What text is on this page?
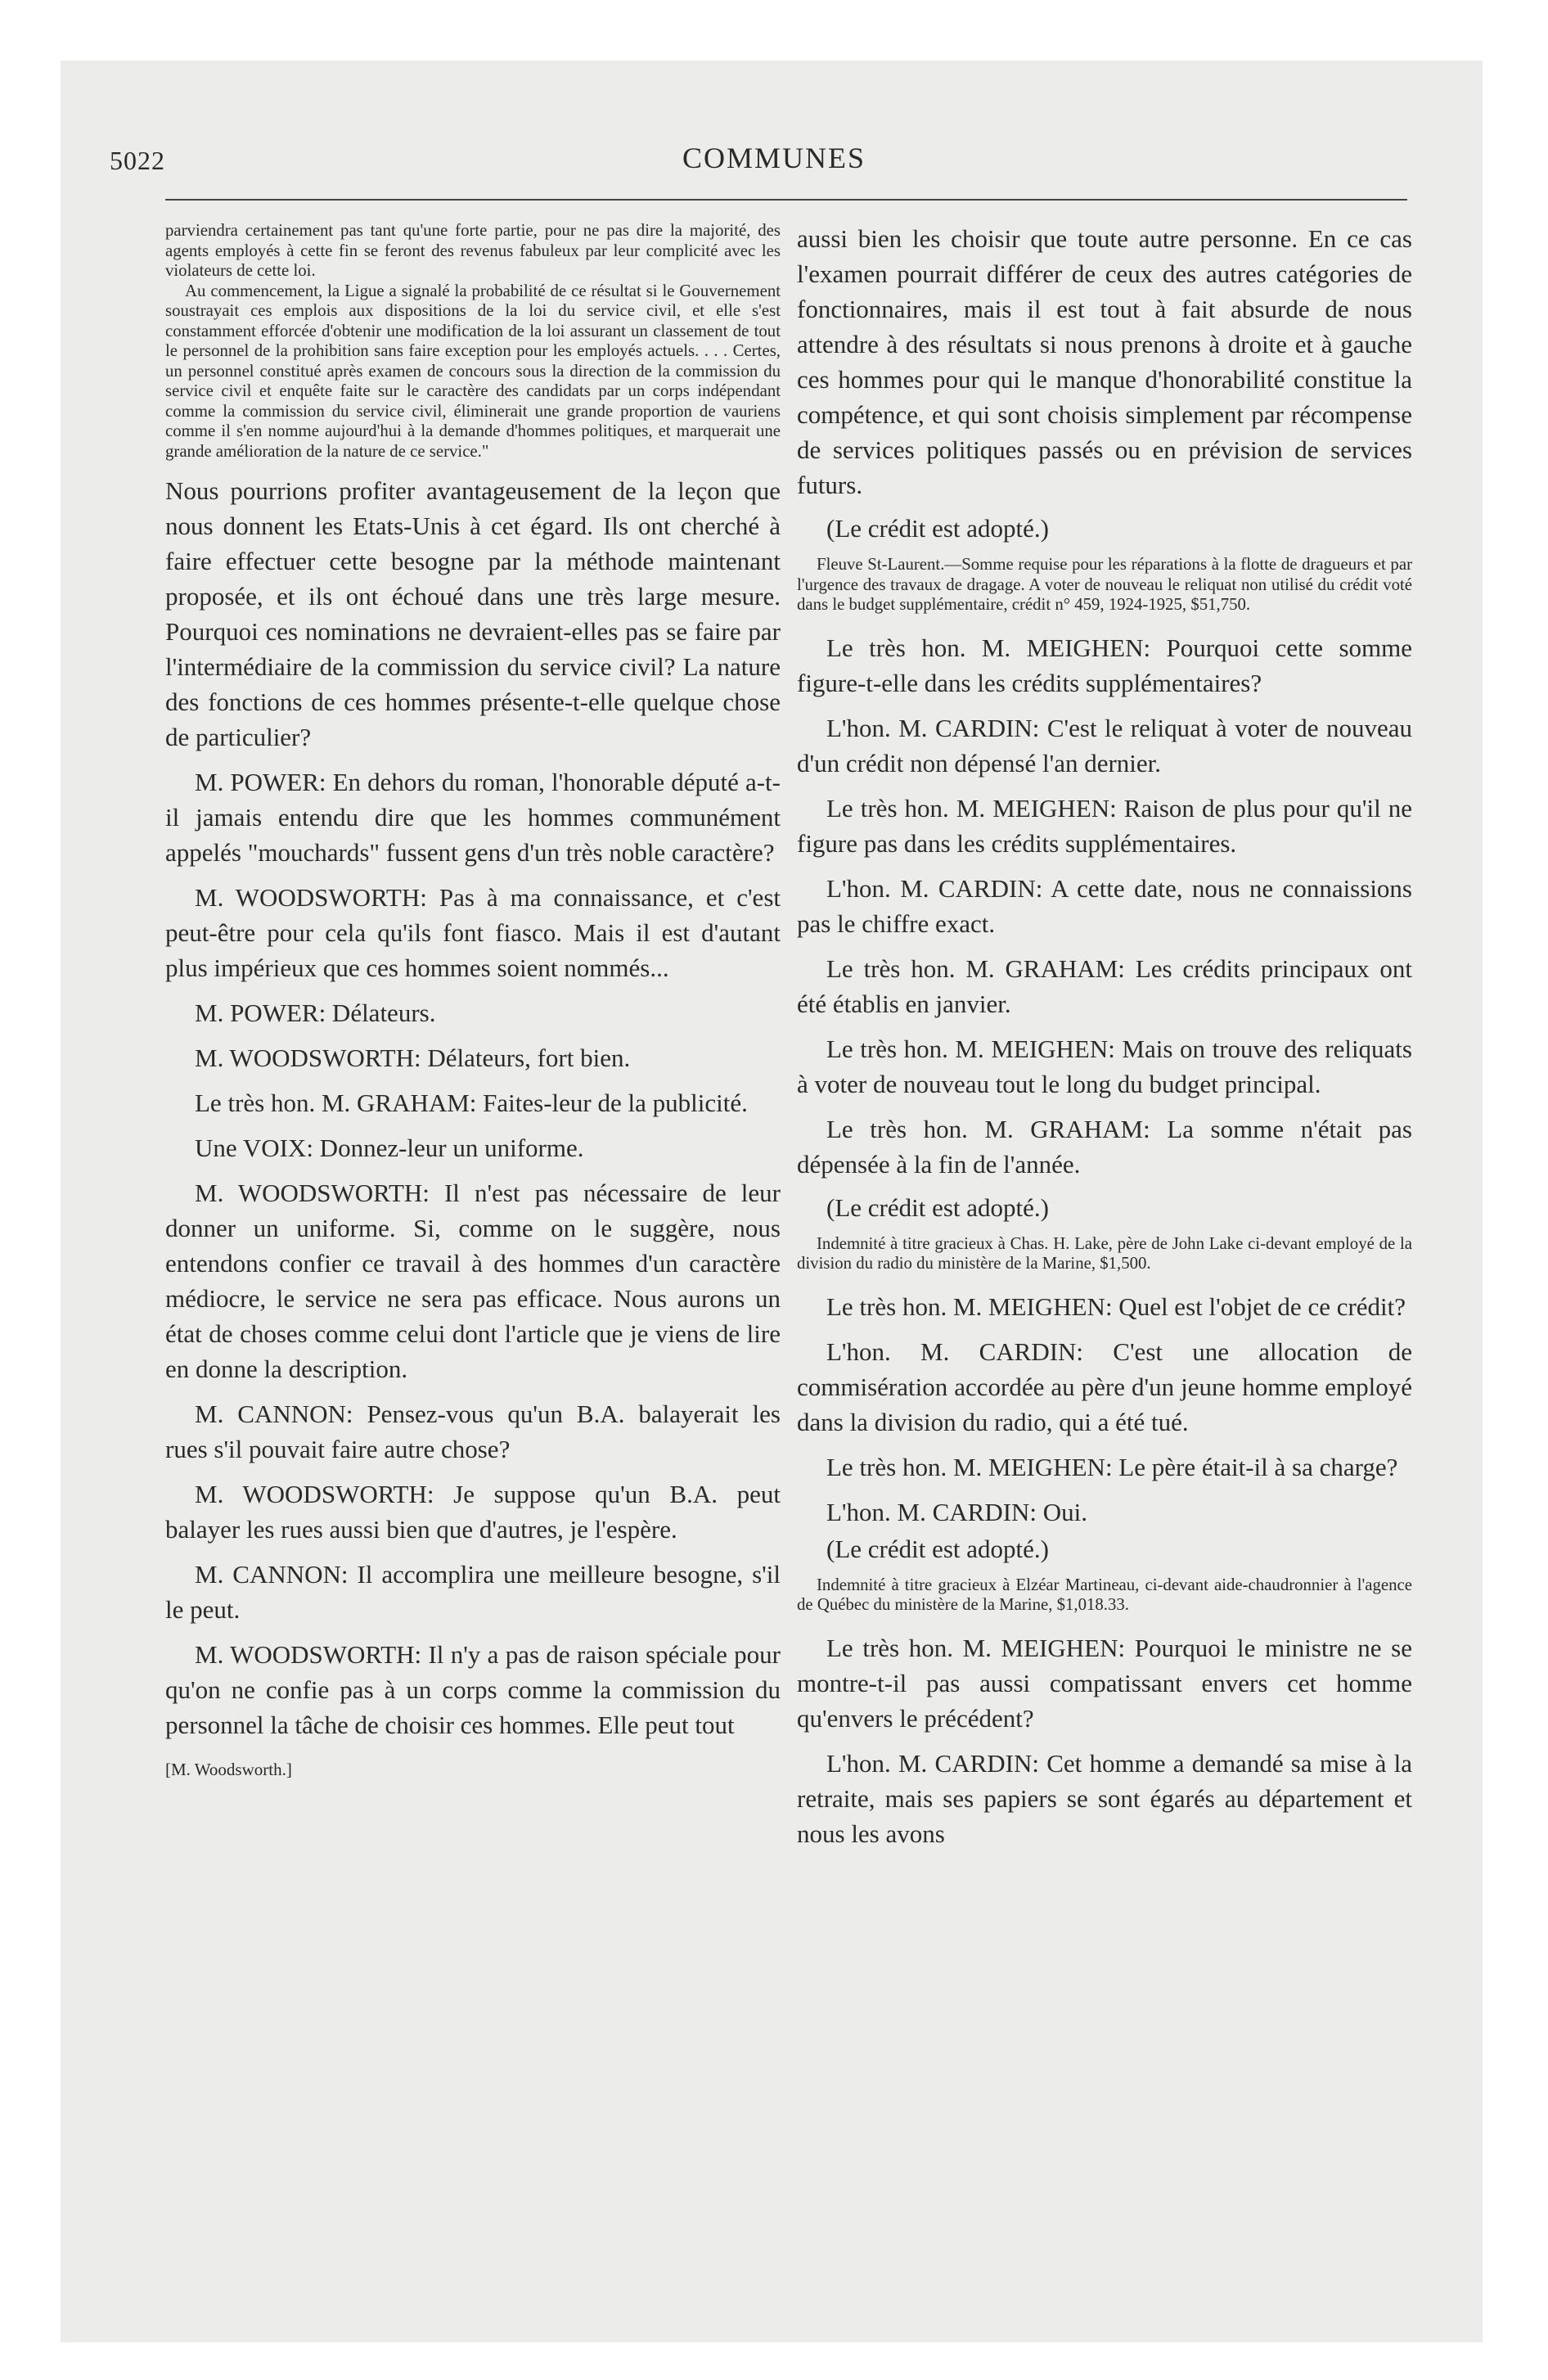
5022	COMMUNES

parviendra certainement pas tant qu'une forte partie, pour ne pas dire la majorité, des agents employés à cette fin se feront des revenus fabuleux par leur complicité avec les violateurs de cette loi.

Au commencement, la Ligue a signalé la probabilité de ce résultat si le Gouvernement soustrayait ces emplois aux dispositions de la loi du service civil, et elle s'est constamment efforcée d'obtenir une modification de la loi assurant un classement de tout le personnel de la prohibition sans faire exception pour les employés actuels. . . . Certes, un personnel constitué après examen de concours sous la direction de la commission du service civil et enquête faite sur le caractère des candidats par un corps indépendant comme la commission du service civil, éliminerait une grande proportion de vauriens comme il s'en nomme aujourd'hui à la demande d'hommes politiques, et marquerait une grande amélioration de la nature de ce service."

Nous pourrions profiter avantageusement de la leçon que nous donnent les Etats-Unis à cet égard. Ils ont cherché à faire effectuer cette besogne par la méthode maintenant proposée, et ils ont échoué dans une très large mesure. Pourquoi ces nominations ne devraient-elles pas se faire par l'intermédiaire de la commission du service civil? La nature des fonctions de ces hommes présente-t-elle quelque chose de particulier?

M. POWER: En dehors du roman, l'honorable député a-t-il jamais entendu dire que les hommes communément appelés "mouchards" fussent gens d'un très noble caractère?

M. WOODSWORTH: Pas à ma connaissance, et c'est peut-être pour cela qu'ils font fiasco. Mais il est d'autant plus impérieux que ces hommes soient nommés...

M. POWER: Délateurs.

M. WOODSWORTH: Délateurs, fort bien.

Le très hon. M. GRAHAM: Faites-leur de la publicité.

Une VOIX: Donnez-leur un uniforme.

M. WOODSWORTH: Il n'est pas nécessaire de leur donner un uniforme. Si, comme on le suggère, nous entendons confier ce travail à des hommes d'un caractère médiocre, le service ne sera pas efficace. Nous aurons un état de choses comme celui dont l'article que je viens de lire en donne la description.

M. CANNON: Pensez-vous qu'un B.A. balayerait les rues s'il pouvait faire autre chose?

M. WOODSWORTH: Je suppose qu'un B.A. peut balayer les rues aussi bien que d'autres, je l'espère.

M. CANNON: Il accomplira une meilleure besogne, s'il le peut.

M. WOODSWORTH: Il n'y a pas de raison spéciale pour qu'on ne confie pas à un corps comme la commission du personnel la tâche de choisir ces hommes. Elle peut tout

[M. Woodsworth.]

aussi bien les choisir que toute autre personne. En ce cas l'examen pourrait différer de ceux des autres catégories de fonctionnaires, mais il est tout à fait absurde de nous attendre à des résultats si nous prenons à droite et à gauche ces hommes pour qui le manque d'honorabilité constitue la compétence, et qui sont choisis simplement par récompense de services politiques passés ou en prévision de services futurs.

(Le crédit est adopté.)

Fleuve St-Laurent.—Somme requise pour les réparations à la flotte de dragueurs et par l'urgence des travaux de dragage. A voter de nouveau le reliquat non utilisé du crédit voté dans le budget supplémentaire, crédit n° 459, 1924-1925, $51,750.

Le très hon. M. MEIGHEN: Pourquoi cette somme figure-t-elle dans les crédits supplémentaires?

L'hon. M. CARDIN: C'est le reliquat à voter de nouveau d'un crédit non dépensé l'an dernier.

Le très hon. M. MEIGHEN: Raison de plus pour qu'il ne figure pas dans les crédits supplémentaires.

L'hon. M. CARDIN: A cette date, nous ne connaissions pas le chiffre exact.

Le très hon. M. GRAHAM: Les crédits principaux ont été établis en janvier.

Le très hon. M. MEIGHEN: Mais on trouve des reliquats à voter de nouveau tout le long du budget principal.

Le très hon. M. GRAHAM: La somme n'était pas dépensée à la fin de l'année.

(Le crédit est adopté.)

Indemnité à titre gracieux à Chas. H. Lake, père de John Lake ci-devant employé de la division du radio du ministère de la Marine, $1,500.

Le très hon. M. MEIGHEN: Quel est l'objet de ce crédit?

L'hon. M. CARDIN: C'est une allocation de commisération accordée au père d'un jeune homme employé dans la division du radio, qui a été tué.

Le très hon. M. MEIGHEN: Le père était-il à sa charge?

L'hon. M. CARDIN: Oui.

(Le crédit est adopté.)

Indemnité à titre gracieux à Elzéar Martineau, ci-devant aide-chaudronnier à l'agence de Québec du ministère de la Marine, $1,018.33.

Le très hon. M. MEIGHEN: Pourquoi le ministre ne se montre-t-il pas aussi compatissant envers cet homme qu'envers le précédent?

L'hon. M. CARDIN: Cet homme a demandé sa mise à la retraite, mais ses papiers se sont égarés au département et nous les avons
